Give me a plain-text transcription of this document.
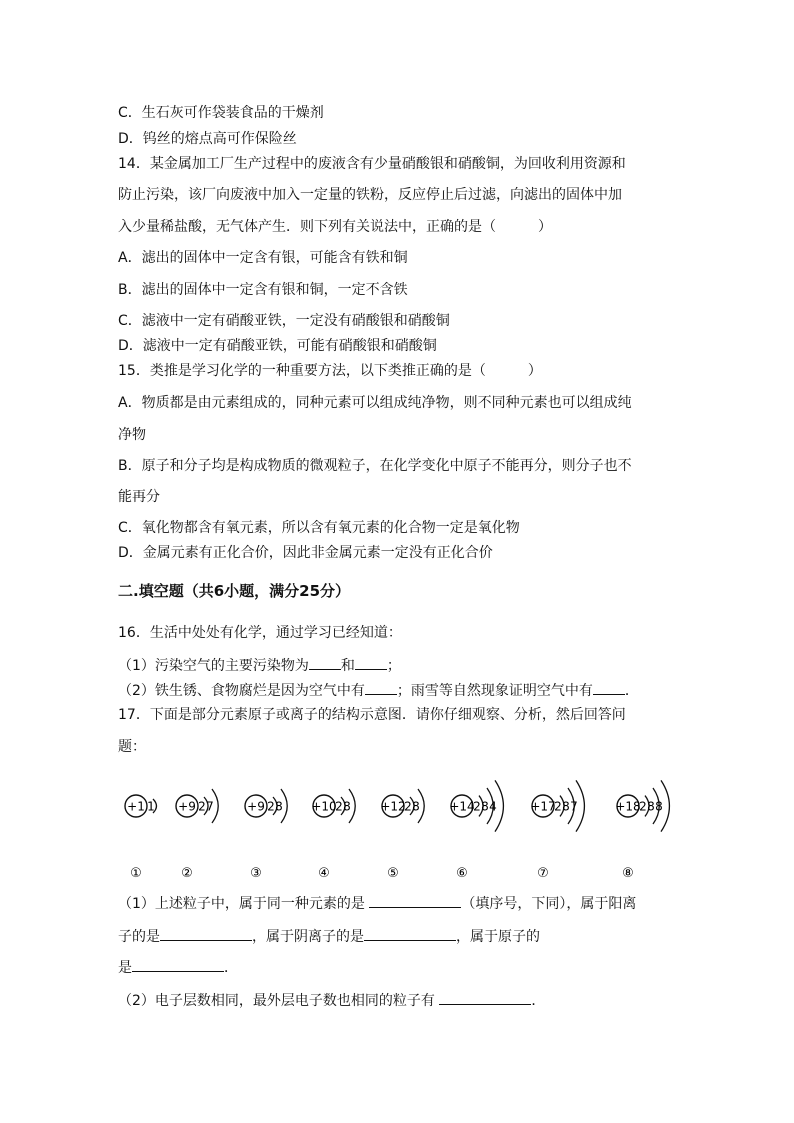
C．生石灰可作袋装食品的干燥剂
D．钨丝的熔点高可作保险丝
14．某金属加工厂生产过程中的废液含有少量硝酸银和硝酸铜，为回收利用资源和
防止污染，该厂向废液中加入一定量的铁粉，反应停止后过滤，向滤出的固体中加
入少量稀盐酸，无气体产生．则下列有关说法中，正确的是（　　　）
A．滤出的固体中一定含有银，可能含有铁和铜
B．滤出的固体中一定含有银和铜，一定不含铁
C．滤液中一定有硝酸亚铁，一定没有硝酸银和硝酸铜
D．滤液中一定有硝酸亚铁，可能有硝酸银和硝酸铜
15．类推是学习化学的一种重要方法，以下类推正确的是（　　　）
A．物质都是由元素组成的，同种元素可以组成纯净物，则不同种元素也可以组成纯
净物
B．原子和分子均是构成物质的微观粒子，在化学变化中原子不能再分，则分子也不
能再分
C．氧化物都含有氧元素，所以含有氧元素的化合物一定是氧化物
D．金属元素有正化合价，因此非金属元素一定没有正化合价
二.填空题（共6小题，满分25分）
16．生活中处处有化学，通过学习已经知道：
（1）污染空气的主要污染物为 和 ；
（2）铁生锈、食物腐烂是因为空气中有 ；雨雪等自然现象证明空气中有 ．
17．下面是部分元素原子或离子的结构示意图．请你仔细观察、分析，然后回答问
题：
+1 1
①
+9 2 7
②
+9 2 8
③
+10
2 8
④
+12
2 8
⑤
+14
2 8 4
⑥
+17
2 8 7
⑦
+18
2 8 8
⑧
（1）上述粒子中，属于同一种元素的是	（填序号，下同），属于阳离
子的是	，属于阴离子的是	，属于原子的
是	．
（2）电子层数相同，最外层电子数也相同的粒子有	．
